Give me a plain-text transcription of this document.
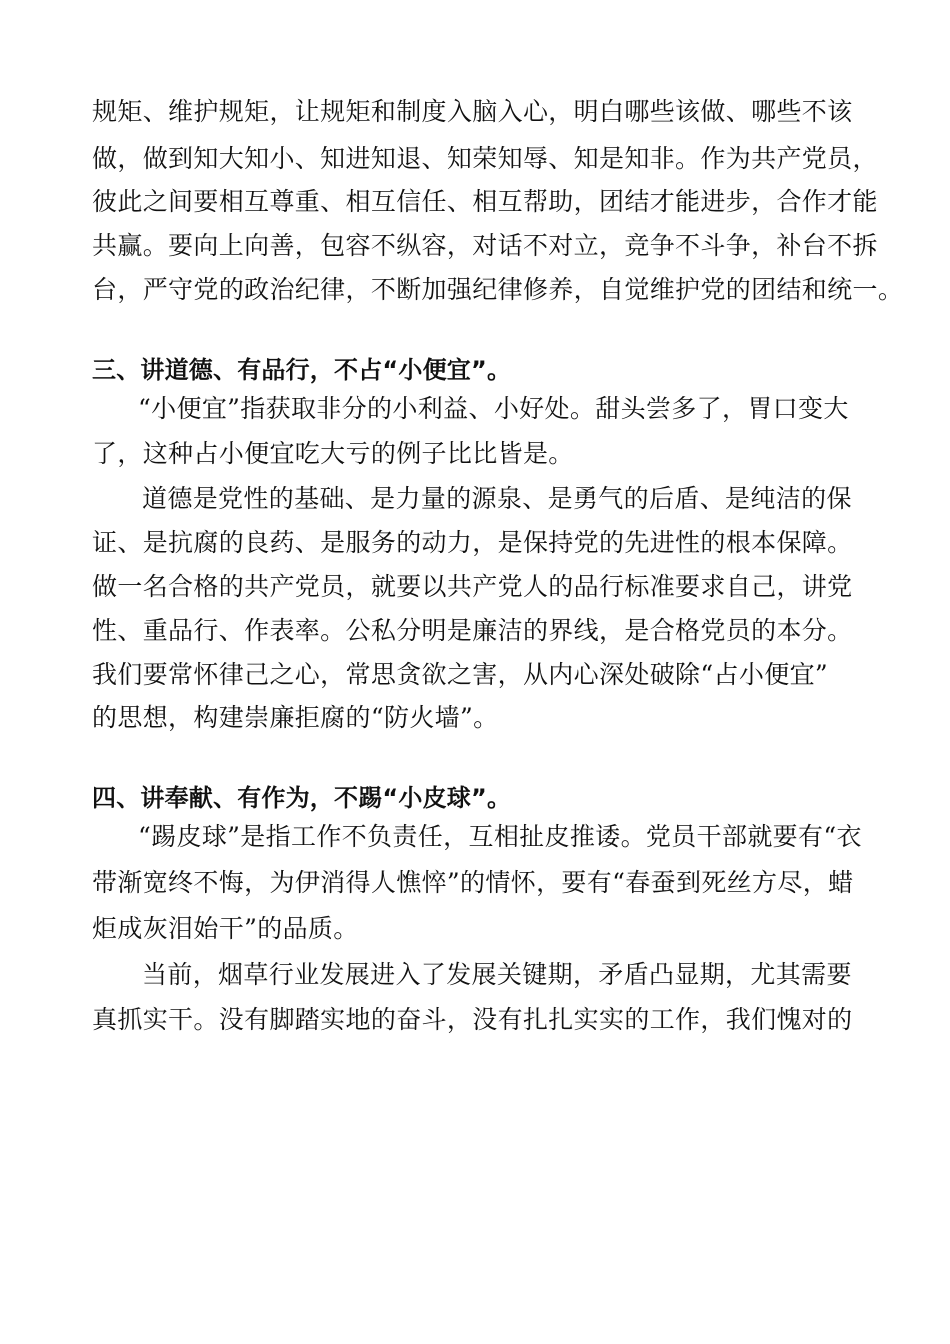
规矩、维护规矩，让规矩和制度入脑入心，明白哪些该做、哪些不该
做，做到知大知小、知进知退、知荣知辱、知是知非。作为共产党员，
彼此之间要相互尊重、相互信任、相互帮助，团结才能进步，合作才能
共赢。要向上向善，包容不纵容，对话不对立，竞争不斗争，补台不拆
台，严守党的政治纪律，不断加强纪律修养，自觉维护党的团结和统一。
三、讲道德、有品行，不占“小便宜”。
“小便宜”指获取非分的小利益、小好处。甜头尝多了，胃口变大
了，这种占小便宜吃大亏的例子比比皆是。
道德是党性的基础、是力量的源泉、是勇气的后盾、是纯洁的保
证、是抗腐的良药、是服务的动力，是保持党的先进性的根本保障。
做一名合格的共产党员，就要以共产党人的品行标准要求自己，讲党
性、重品行、作表率。公私分明是廉洁的界线，是合格党员的本分。
我们要常怀律己之心，常思贪欲之害，从内心深处破除“占小便宜”
的思想，构建崇廉拒腐的“防火墙”。
四、讲奉献、有作为，不踢“小皮球”。
“踢皮球”是指工作不负责任，互相扯皮推诿。党员干部就要有“衣
带渐宽终不悔，为伊消得人憔悴”的情怀，要有“春蚕到死丝方尽，蜡
炬成灰泪始干”的品质。
当前，烟草行业发展进入了发展关键期，矛盾凸显期，尤其需要
真抓实干。没有脚踏实地的奋斗，没有扎扎实实的工作，我们愧对的
